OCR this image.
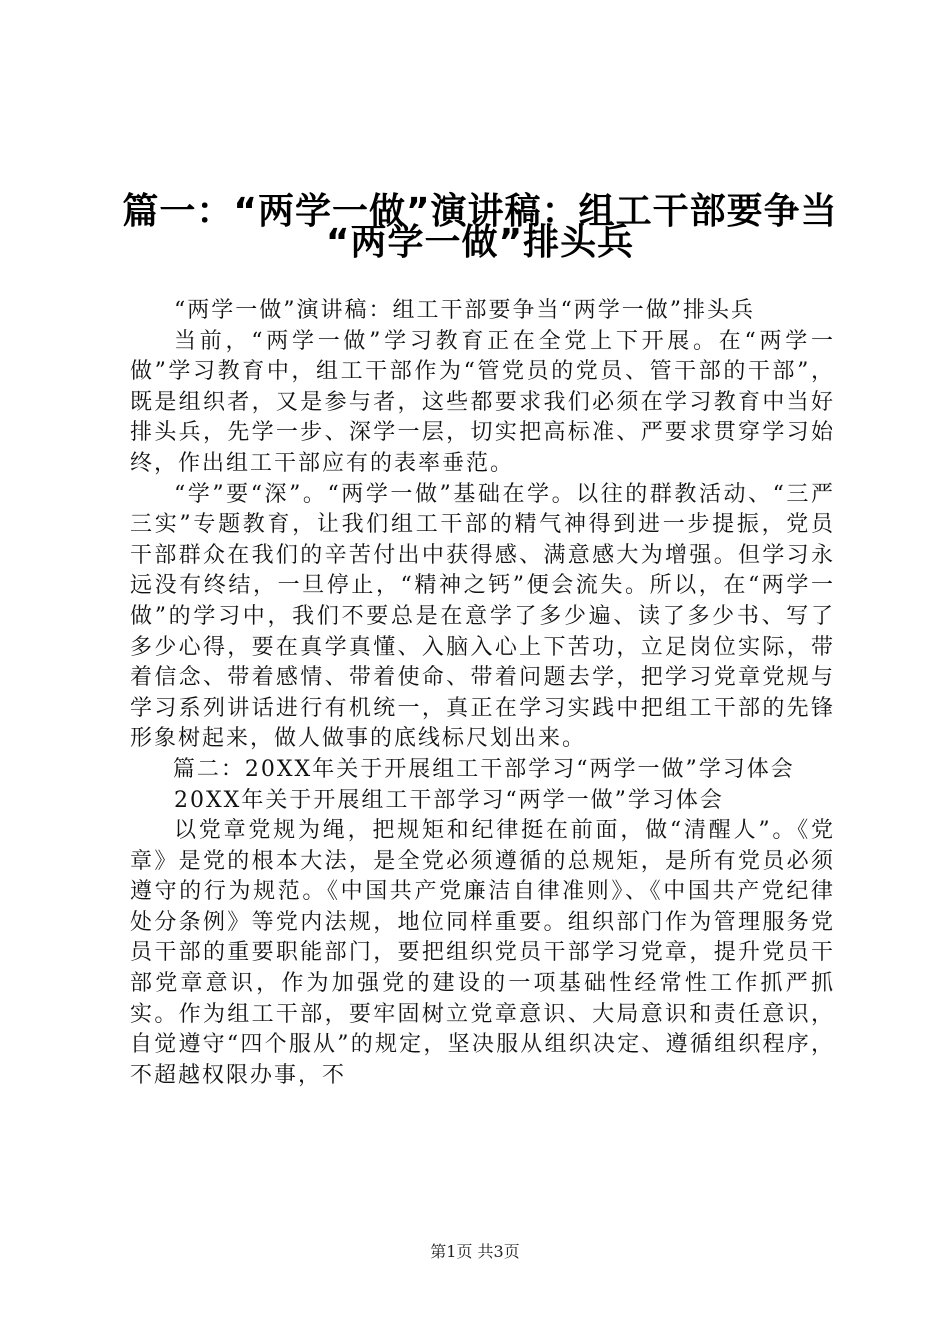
篇一：“两学一做”演讲稿：组工干部要争当
“两学一做”排头兵

“两学一做”演讲稿：组工干部要争当“两学一做”排头兵

当前，“两学一做”学习教育正在全党上下开展。在“两学一做”学习教育中，组工干部作为“管党员的党员、管干部的干部”，既是组织者，又是参与者，这些都要求我们必须在学习教育中当好排头兵，先学一步、深学一层，切实把高标准、严要求贯穿学习始终，作出组工干部应有的表率垂范。

“学”要“深”。“两学一做”基础在学。以往的群教活动、“三严三实”专题教育，让我们组工干部的精气神得到进一步提振，党员干部群众在我们的辛苦付出中获得感、满意感大为增强。但学习永远没有终结，一旦停止，“精神之钙”便会流失。所以，在“两学一做”的学习中，我们不要总是在意学了多少遍、读了多少书、写了多少心得，要在真学真懂、入脑入心上下苦功，立足岗位实际，带着信念、带着感情、带着使命、带着问题去学，把学习党章党规与学习系列讲话进行有机统一，真正在学习实践中把组工干部的先锋形象树起来，做人做事的底线标尺划出来。

篇二：20XX年关于开展组工干部学习“两学一做”学习体会

20XX年关于开展组工干部学习“两学一做”学习体会

以党章党规为绳，把规矩和纪律挺在前面，做“清醒人”。《党章》是党的根本大法，是全党必须遵循的总规矩，是所有党员必须遵守的行为规范。《中国共产党廉洁自律准则》、《中国共产党纪律处分条例》等党内法规，地位同样重要。组织部门作为管理服务党员干部的重要职能部门，要把组织党员干部学习党章，提升党员干部党章意识，作为加强党的建设的一项基础性经常性工作抓严抓实。作为组工干部，要牢固树立党章意识、大局意识和责任意识，自觉遵守“四个服从”的规定，坚决服从组织决定、遵循组织程序，不超越权限办事，不

第1页 共3页
